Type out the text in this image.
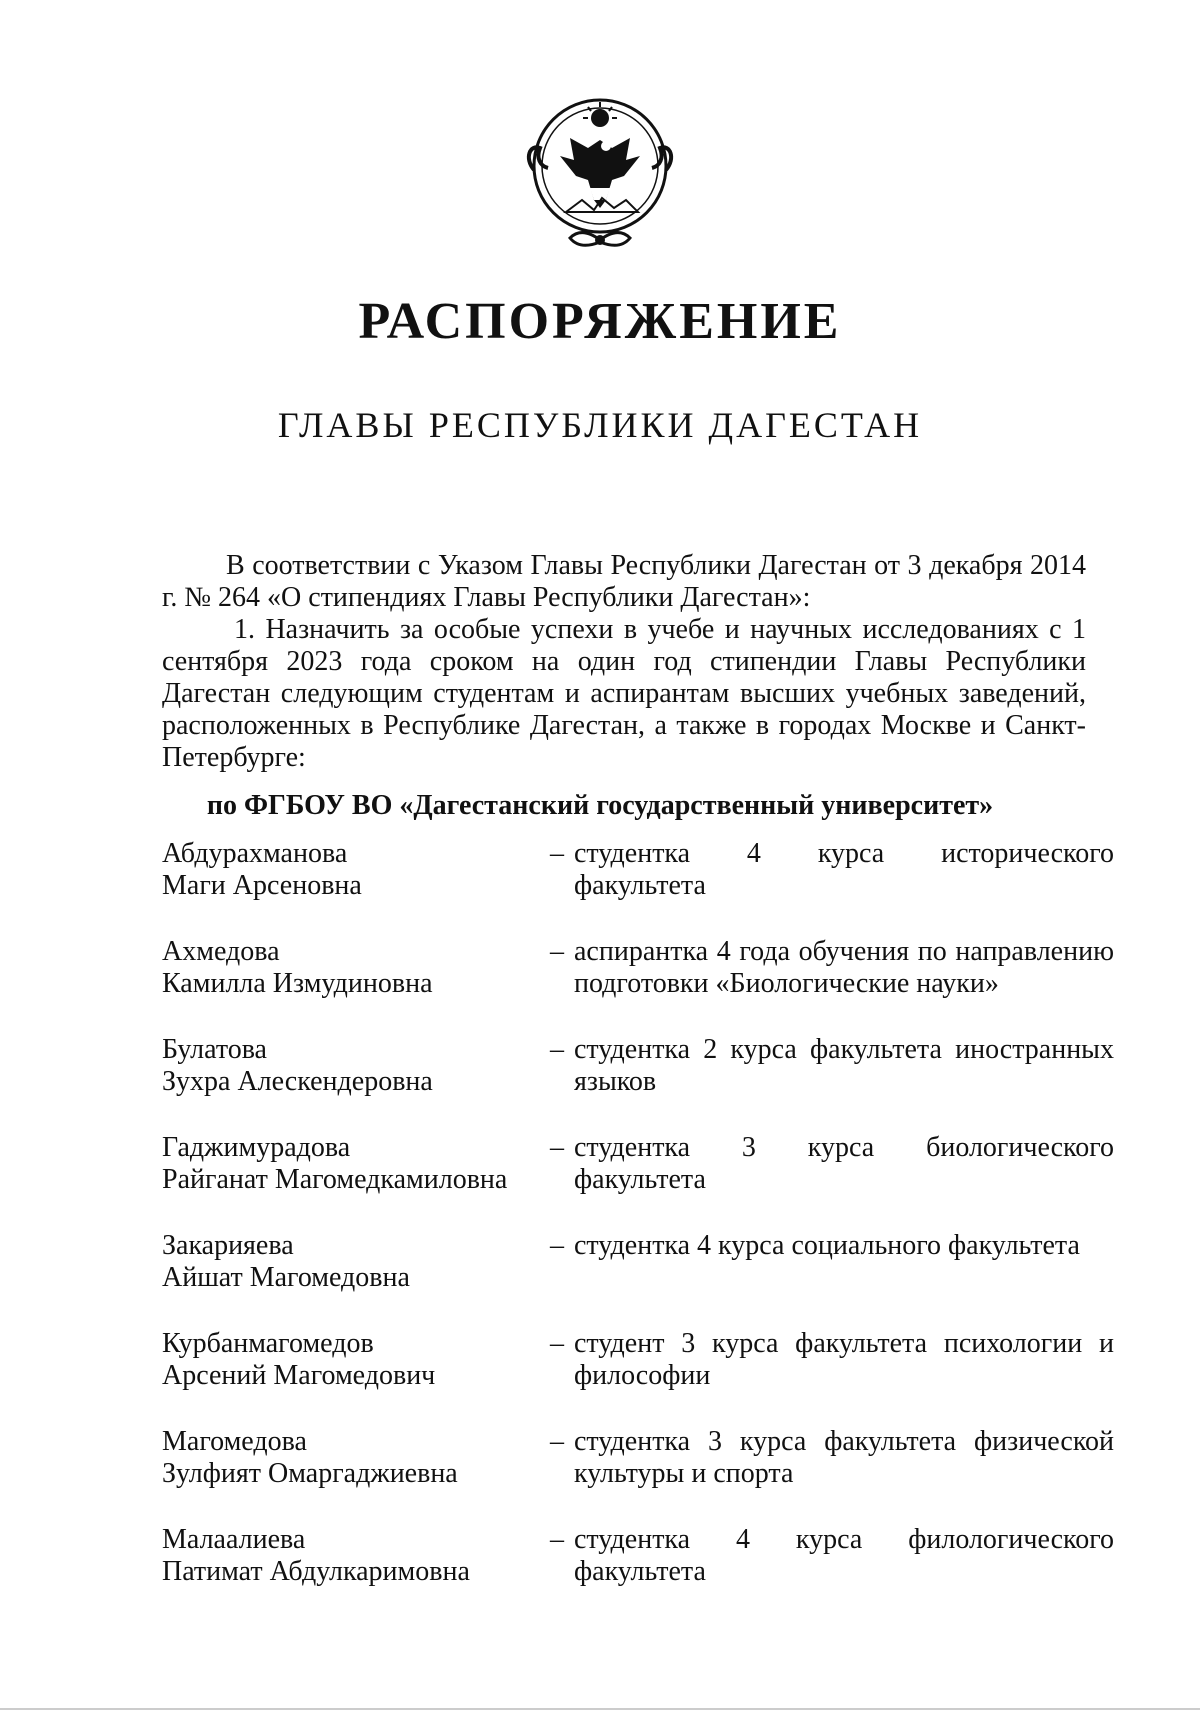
РАСПОРЯЖЕНИЕ
ГЛАВЫ РЕСПУБЛИКИ ДАГЕСТАН

В соответствии с Указом Главы Республики Дагестан от 3 декабря 2014 г. № 264 «О стипендиях Главы Республики Дагестан»:

1. Назначить за особые успехи в учебе и научных исследованиях с 1 сентября 2023 года сроком на один год стипендии Главы Республики Дагестан следующим студентам и аспирантам высших учебных заведений, расположенных в Республике Дагестан, а также в городах Москве и Санкт-Петербурге:

по ФГБОУ ВО «Дагестанский государственный университет»
Абдурахманова
Маги Арсеновна
– студентка 4 курса исторического
факультета
Ахмедова
Камилла Измудиновна
– аспирантка 4 года обучения по направлению
подготовки «Биологические науки»
Булатова
Зухра Алескендеровна
– студентка 2 курса факультета иностранных
языков
Гаджимурадова
Райганат Магомедкамиловна
– студентка 3 курса биологического
факультета
Закарияева
Айшат Магомедовна
– студентка 4 курса социального факультета
Курбанмагомедов
Арсений Магомедович
– студент 3 курса факультета психологии и
философии
Магомедова
Зулфият Омаргаджиевна
– студентка 3 курса факультета физической
культуры и спорта
Малаалиева
Патимат Абдулкаримовна
– студентка 4 курса филологического
факультета
